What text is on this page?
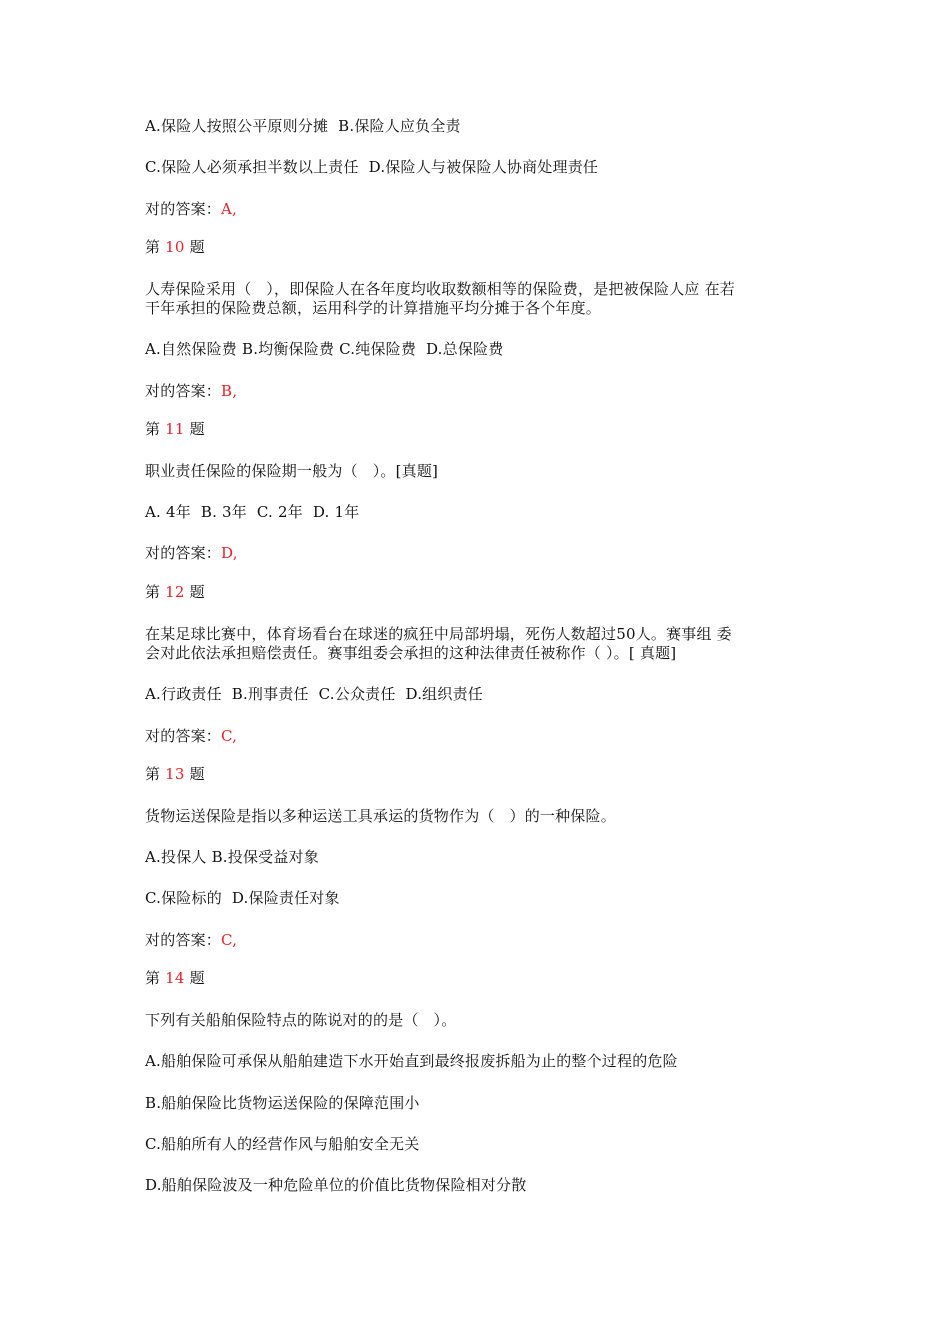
A.保险人按照公平原则分摊  B.保险人应负全责
C.保险人必须承担半数以上责任  D.保险人与被保险人协商处理责任
对的答案：A,
第 10 题
人寿保险采用（   ），即保险人在各年度均收取数额相等的保险费，是把被保险人应 在若
干年承担的保险费总额，运用科学的计算措施平均分摊于各个年度。
A.自然保险费 B.均衡保险费 C.纯保险费  D.总保险费
对的答案：B,
第 11 题
职业责任保险的保险期一般为（   ）。[真题]
A. 4年  B. 3年  C. 2年  D. 1年
对的答案：D,
第 12 题
在某足球比赛中，体育场看台在球迷的疯狂中局部坍塌，死伤人数超过50人。赛事组 委
会对此依法承担赔偿责任。赛事组委会承担的这种法律责任被称作（ ）。[ 真题]
A.行政责任  B.刑事责任  C.公众责任  D.组织责任
对的答案：C,
第 13 题
货物运送保险是指以多种运送工具承运的货物作为（   ）的一种保险。
A.投保人 B.投保受益对象
C.保险标的  D.保险责任对象
对的答案：C,
第 14 题
下列有关船舶保险特点的陈说对的的是（   ）。
A.船舶保险可承保从船舶建造下水开始直到最终报废拆船为止的整个过程的危险
B.船舶保险比货物运送保险的保障范围小
C.船舶所有人的经营作风与船舶安全无关
D.船舶保险波及一种危险单位的价值比货物保险相对分散
